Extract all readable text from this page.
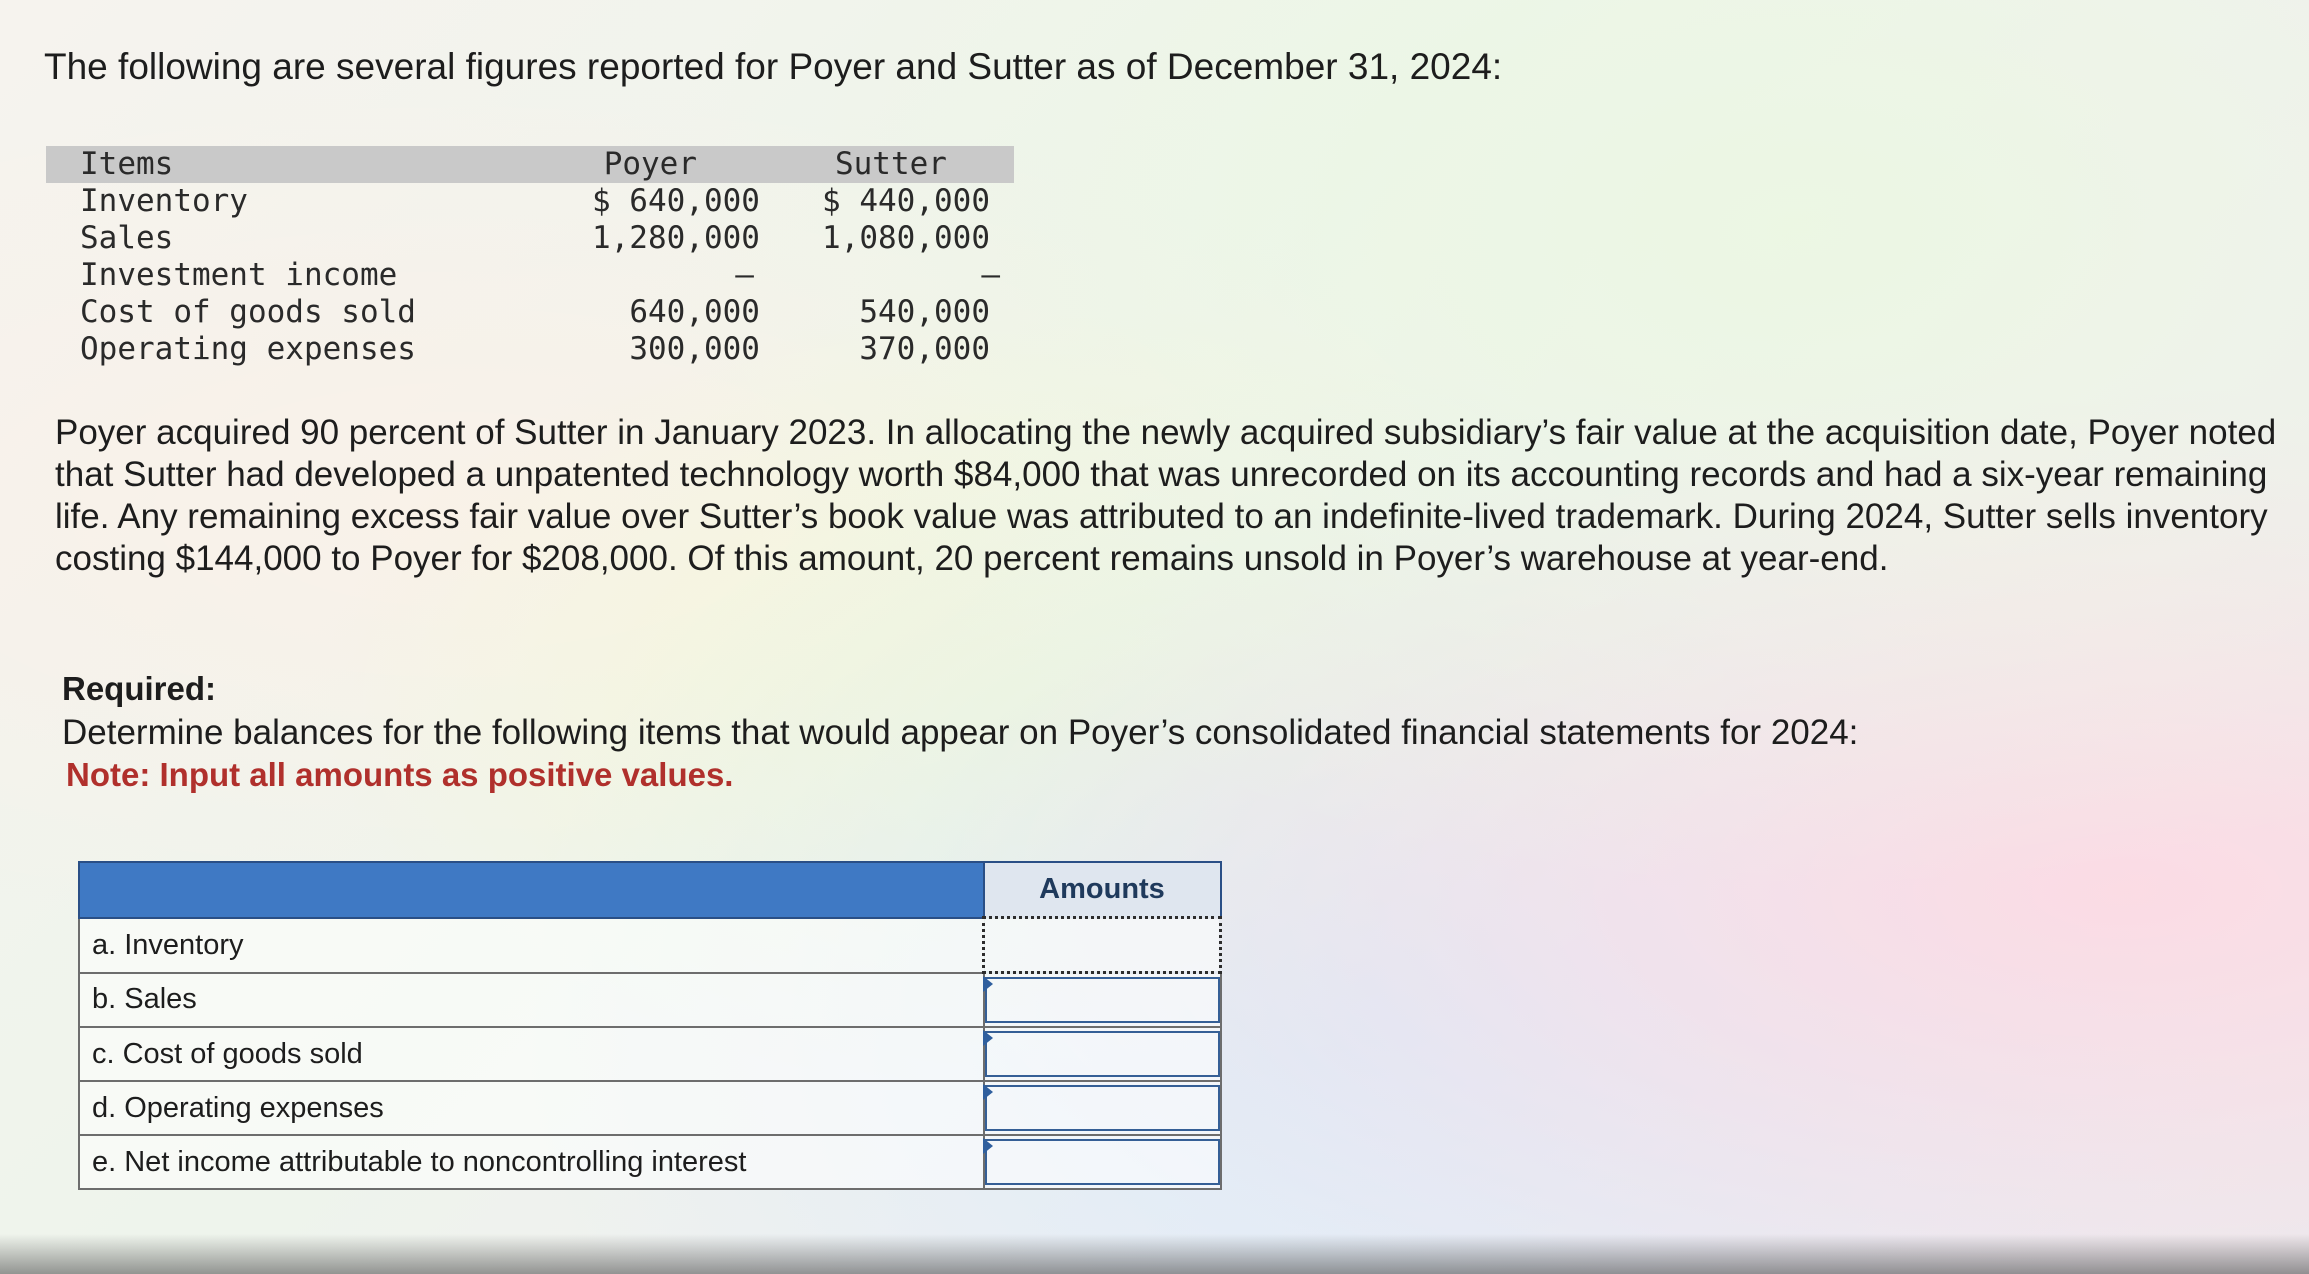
The following are several figures reported for Poyer and Sutter as of December 31, 2024:

Items	Poyer	Sutter
Inventory	$ 640,000	$ 440,000
Sales	1,280,000	1,080,000
Investment income	–	–
Cost of goods sold	640,000	540,000
Operating expenses	300,000	370,000

Poyer acquired 90 percent of Sutter in January 2023. In allocating the newly acquired subsidiary’s fair value at the acquisition date, Poyer noted that Sutter had developed a unpatented technology worth $84,000 that was unrecorded on its accounting records and had a six-year remaining life. Any remaining excess fair value over Sutter’s book value was attributed to an indefinite-lived trademark. During 2024, Sutter sells inventory costing $144,000 to Poyer for $208,000. Of this amount, 20 percent remains unsold in Poyer’s warehouse at year-end.

Required:

Determine balances for the following items that would appear on Poyer’s consolidated financial statements for 2024:

Note: Input all amounts as positive values.

	Amounts
a. Inventory	
b. Sales	

c. Cost of goods sold	

d. Operating expenses	

e. Net income attributable to noncontrolling interest	
